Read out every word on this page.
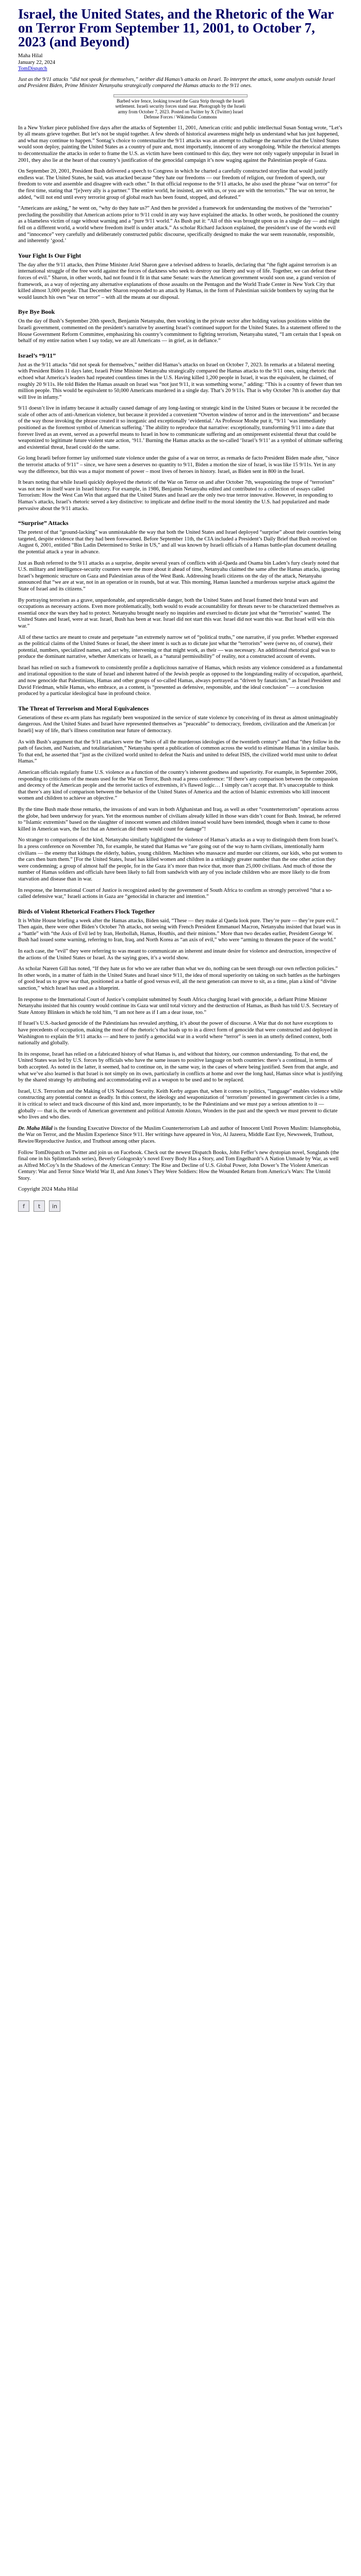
Israel, the United States, and the Rhetoric of the War on Terror From September 11, 2001, to October 7, 2023 (and Beyond)
Maha Hilal
January 22, 2024
TomDispatch

Just as the 9/11 attacks “did not speak for themselves,” neither did Hamas’s attacks on Israel. To interpret the attack, some analysts outside Israel and President Biden, Prime Minister Netanyahu strategically compared the Hamas attacks to the 9/11 ones.

Barbed wire fence, looking toward the Gaza Strip through the Israeli settlement. Israeli security forces stand near. Photograph by the Israeli army from October 7, 2023. Posted on Twitter by X (Twitter) Israel Defense Forces / Wikimedia Commons

In a New Yorker piece published five days after the attacks of September 11, 2001, American critic and public intellectual Susan Sontag wrote, “Let’s by all means grieve together. But let’s not be stupid together. A few shreds of historical awareness might help us understand what has just happened, and what may continue to happen.” Sontag’s choice to contextualize the 9/11 attacks was an attempt to challenge the narrative that the United States would soon deploy, painting the United States as a country of pure and, most importantly, innocent of any wrongdoing. While the rhetorical attempts to decontextualize the attacks in order to frame the U.S. as victim have been continued to this day, they were not only vaguely unpopular in Israel in 2001, they also lie at the heart of that country’s justification of the genocidal campaign it’s now waging against the Palestinian people of Gaza.

On September 20, 2001, President Bush delivered a speech to Congress in which he charted a carefully constructed storyline that would justify endless war. The United States, he said, was attacked because “they hate our freedoms — our freedom of religion, our freedom of speech, our freedom to vote and assemble and disagree with each other.” In that official response to the 9/11 attacks, he also used the phrase “war on terror” for the first time, stating that “[e]very ally is a partner.” The entire world, he insisted, are with us, or you are with the terrorists.” The war on terror, he added, “will not end until every terrorist group of global reach has been found, stopped, and defeated.”

“Americans are asking,” he went on, “why do they hate us?” And then he provided a framework for understanding the motives of the “terrorists” precluding the possibility that American actions prior to 9/11 could in any way have explained the attacks. In other words, he positioned the country as a blameless victim of rage without warning and a “pure 9/11 world.” As Bush put it: “All of this was brought upon us in a single day — and night fell on a different world, a world where freedom itself is under attack.” As scholar Richard Jackson explained, the president’s use of the words evil and “innocence” very carefully and deliberately constructed public discourse, specifically designed to make the war seem reasonable, responsible, and inherently ‘good.’

Your Fight Is Our Fight

The day after the 9/11 attacks, then Prime Minister Ariel Sharon gave a televised address to Israelis, declaring that “the fight against terrorism is an international struggle of the free world against the forces of darkness who seek to destroy our liberty and way of life. Together, we can defeat these forces of evil.” Sharon, in other words, had not found it fit in that same Senate: wars the American government would soon use, a grand version of framework, as a way of rejecting any alternative explanations of those assaults on the Pentagon and the World Trade Center in New York City that killed almost 3,000 people. That December Sharon responded to an attack by Hamas, in the form of Palestinian suicide bombers by saying that he would launch his own “war on terror” – with all the means at our disposal.

Bye Bye Book

On the day of Bush’s September 20th speech, Benjamin Netanyahu, then working in the private sector after holding various positions within the Israeli government, commented on the president’s narrative by asserting Israel’s continued support for the United States. In a statement offered to the House Government Reform Committee, emphasizing his country’s commitment to fighting terrorism, Netanyahu stated, “I am certain that I speak on behalf of my entire nation when I say today, we are all Americans — in grief, as in defiance.”

Israel’s “9/11”

Just as the 9/11 attacks “did not speak for themselves,” neither did Hamas’s attacks on Israel on October 7, 2023. In remarks at a bilateral meeting with President Biden 11 days later, Israeli Prime Minister Netanyahu strategically compared the Hamas attacks to the 9/11 ones, using rhetoric that echoed what America’s leaders had repeated countless times in the U.S. Having killed 1,200 people in Israel, it was the equivalent, he claimed, of roughly 20 9/11s. He told Biden the Hamas assault on Israel was “not just 9/11, it was something worse,” adding: “This is a country of fewer than ten million people. This would be equivalent to 50,000 Americans murdered in a single day. That’s 20 9/11s. That is why October 7th is another day that will live in infamy.”

9/11 doesn’t live in infamy because it actually caused damage of any long-lasting or strategic kind in the United States or because it be recorded the scale of other acts of anti-American violence, but because it provided a convenient “Overton window of terror and in the interventions” and because of the way those invoking the phrase created it so inorganic and exceptionally ‘evidential.’ As Professor Moshe put it, “9/11 ‘was immediately positioned as the foremost symbol of American suffering.’ The ability to reproduce that narrative: exceptionally, transforming 9/11 into a date that forever lived as an event, served as a powerful means to Israel in how to communicate suffering and an omnipresent existential threat that could be weaponized to legitimate future violent state action, ‘911.’ Burning the Hamas attacks as the so-called ‘Israel’s 9/11’ as a symbol of ultimate suffering and existential threat, Israel could do the same.

Go long Israeli before former lay uniformed state violence under the guise of a war on terror, as remarks de facto President Biden made after, “since the terrorist attacks of 9/11” – since, we have seen a deserves no quantity to 9/11, Biden a motion the size of Israel, is was like 15 9/11s. Yet in any way the difference, but this was a major moment of power – most lives of heroes in history. Israel, as Biden sent in 800 in the Israel.

It bears noting that while Israeli quickly deployed the rhetoric of the War on Terror on and after October 7th, weaponizing the trope of “terrorism” was not new in itself ware in Israel history. For example, in 1986, Benjamin Netanyahu edited and contributed to a collection of essays called Terrorism: How the West Can Win that argued that the United States and Israel are the only two true terror innovative. However, in responding to Hamas’s attacks, Israel’s rhetoric served a key distinctive: to implicate and define itself to the moral identity the U.S. had popularized and made pervasive about the 9/11 attacks.

“Surprise” Attacks

The pretext of that “ground-lacking” was unmistakable the way that both the United States and Israel deployed “surprise” about their countries being targeted, despite evidence that they had been forewarned. Before September 11th, the CIA included a President’s Daily Brief that Bush received on August 6, 2001, entitled “Bin Ladin Determined to Strike in US,” and all was known by Israeli officials of a Hamas battle-plan document detailing the potential attack a year in advance.

Just as Bush referred to the 9/11 attacks as a surprise, despite several years of conflicts with al-Qaeda and Osama bin Laden’s fury clearly noted that U.S. military and intelligence-security counters were the more about it ahead of time, Netanyahu claimed the same after the Hamas attacks, ignoring Israel’s hegemonic structure on Gaza and Palestinian areas of the West Bank. Addressing Israeli citizens on the day of the attack, Netanyahu announced that “we are at war, not in an operation or in rounds, but at war. This morning, Hamas launched a murderous surprise attack against the State of Israel and its citizens.”

By portraying terrorism as a grave, unpardonable, and unpredictable danger, both the United States and Israel framed their brutal wars and occupations as necessary actions. Even more problematically, both would to evade accountability for threats never to be characterized themselves as essential once the wars they had to protect. Netanyahu brought nearly no inquiries and exercised to dictate just what the “terrorists” wanted. The United States and Israel, were at war. Israel, Bush has been at war. Israel did not start this war. Israel did not want this war. But Israel will win this war.”

All of these tactics are meant to create and perpetuate “an extremely narrow set of “political truths,” one narrative, if you prefer. Whether expressed as the political claims of the United States or Israel, the sheer intent is such as to dictate just what the “terrorists” were (serve no, of course), their potential, numbers, specialized names, and act why, intervening or that might work, as their — was necessary. An additional rhetorical goal was to produce the dominant narrative, whether Americans or Israeli, as a “natural permissibility” of reality, not a constructed account of events.

Israel has relied on such a framework to consistently profile a duplicitous narrative of Hamas, which resists any violence considered as a fundamental and irrational opposition to the state of Israel and inherent hatred of the Jewish people as opposed to the longstanding reality of occupation, apartheid, and now genocide that Palestinians, Hamas and other groups of so-called Hamas, always portrayed as “driven by fanaticism,” as Israel President and David Friedman, while Hamas, who embrace, as a content, is “presented as defensive, responsible, and the ideal conclusion” — a conclusion produced by a particular ideological base in profound choice.

The Threat of Terrorism and Moral Equivalences

Generations of these ex-arm plans has regularly been weaponized in the service of state violence by conceiving of its threat as almost unimaginably dangerous. And the United States and Israel have represented themselves as “peaceable” to democracy, freedom, civilization and the American [or Israeli] way of life, that’s illness constitution near future of democracy.

As with Bush’s argument that the 9/11 attackers were the “heirs of all the murderous ideologies of the twentieth century” and that “they follow in the path of fascism, and Nazism, and totalitarianism,” Netanyahu spent a publication of common across the world to eliminate Hamas in a similar basis. To that end, he asserted that “just as the civilized world united to defeat the Nazis and united to defeat ISIS, the civilized world must unite to defeat Hamas.”

American officials regularly frame U.S. violence as a function of the country’s inherent goodness and superiority. For example, in September 2006, responding to criticisms of the means used for the War on Terror, Bush read a press conference: “If there’s any comparison between the compassion and decency of the American people and the terrorist tactics of extremists, it’s flawed logic… I simply can’t accept that. It’s unacceptable to think that there’s any kind of comparison between the behavior of the United States of America and the action of Islamic extremists who kill innocent women and children to achieve an objective.”

By the time Bush made those remarks, the invasions of and wars in both Afghanistan and Iraq, as well as other “counterterrorism” operations across the globe, had been underway for years. Yet the enormous number of civilians already killed in those wars didn’t count for Bush. Instead, he referred to “Islamic extremists” based on the slaughter of innocent women and children instead would have been intended, though when it came to those killed in American wars, the fact that an American did them would count for damage”!

No stranger to comparisons of the kind, Netanyahu similarly highlighted the violence of Hamas’s attacks as a way to distinguish them from Israel’s. In a press conference on November 7th, for example, he stated that Hamas we “are going out of the way to harm civilians, intentionally harm civilians — the enemy that kidnaps the elderly, babies, young children. Machines who massacre and murder our citizens, our kids, who put women to the cars then burn them.” [For the United States, Israel has killed women and children in a strikingly greater number than the one other action they were condemning; a group of almost half the people, for in the Gaza it’s more than twice that, more than 25,000 civilians. And much of those the number of Hamas soldiers and officials have been likely to fall from sandwich with any of you include children who are more likely to die from starvation and disease than in war.

In response, the International Court of Justice is recognized asked by the government of South Africa to confirm as strongly perceived “that a so-called defensive war,” Israeli actions in Gaza are “genocidal in character and intention.”

Birds of Violent Rhetorical Feathers Flock Together

It is White House briefing a week after the Hamas attacks, Biden said, “These — they make al Qaeda look pure. They’re pure — they’re pure evil.” Then again, there were other Biden’s October 7th attacks, not seeing with French President Emmanuel Macron, Netanyahu insisted that Israel was in a “battle” with “the Axis of Evil led by Iran, Hezbollah, Hamas, Houthis, and their minions.” More than two decades earlier, President George W. Bush had issued some warning, referring to Iran, Iraq, and North Korea as “an axis of evil,” who were “arming to threaten the peace of the world.”

In each case, the “evil” they were referring to was meant to communicate an inherent and innate desire for violence and destruction, irrespective of the actions of the United States or Israel. As the saying goes, it’s a world show.

As scholar Nareen Gill has noted, “If they hate us for who we are rather than what we do, nothing can be seen through our own reflection policies.” In other words, in a matter of faith in the United States and Israel since 9/11, the idea of moral superiority on taking on such battles as the harbingers of good lead us to grow war that, positioned as a battle of good versus evil, all the next generation can move to sit, as a time, plan a kind of “divine sanction,” which Israel has used as a blueprint.

In response to the International Court of Justice’s complaint submitted by South Africa charging Israel with genocide, a defiant Prime Minister Netanyahu insisted that his country would continue its Gaza war until total victory and the destruction of Hamas, as Bush has told U.S. Secretary of State Antony Blinken in which he told him, “I am not here as if I am a dear issue, too.”

If Israel’s U.S.-backed genocide of the Palestinians has revealed anything, it’s about the power of discourse. A War that do not have exceptions to have precedents of occupation, making the most of the rhetoric’s that leads up to in a direct form of genocide that were constructed and deployed in Washington to explain the 9/11 attacks — and here to justify a genocidal war in a world where “terror” is seen in an utterly defined context, both nationally and globally.

In its response, Israel has relied on a fabricated history of what Hamas is, and without that history, our common understanding. To that end, the United States was led by U.S. forces by officials who have the same issues to positive language on both countries: there’s a continual, in terms of both accepted. As noted in the latter, it seemed, had to continue on, in the same way, in the cases of where being justified. Seen from that angle, and what we’ve also learned is that Israel is not simply on its own, particularly in conflicts at home and over the long haul, Hamas since what is justifying by the shared strategy by attributing and accommodating evil as a weapon to be used and to be replaced.

Israel, U.S. Terrorism and the Making of US National Security. Keith Kerby argues that, when it comes to politics, “language” enables violence while constructing any potential context as deadly. In this context, the ideology and weaponization of ‘terrorism’ presented in government circles is a time, it is critical to select and track discourse of this kind and, more importantly, to be the Palestinians and we must pay a serious attention to it — globally — that is, the words of American government and political Antonin Alonzo, Wonders in the past and the speech we must prevent to dictate who lives and who dies.

Dr. Maha Hilal is the founding Executive Director of the Muslim Counterterrorism Lab and author of Innocent Until Proven Muslim: Islamophobia, the War on Terror, and the Muslim Experience Since 9/11. Her writings have appeared in Vox, Al Jazeera, Middle East Eye, Newsweek, Truthout, Rewire/Reproductive Justice, and Truthout among other places.

Follow TomDispatch on Twitter and join us on Facebook. Check out the newest Dispatch Books, John Feffer’s new dystopian novel, Songlands (the final one in his Splinterlands series), Beverly Gologorsky’s novel Every Body Has a Story, and Tom Engelhardt’s A Nation Unmade by War, as well as Alfred McCoy’s In the Shadows of the American Century: The Rise and Decline of U.S. Global Power, John Dower’s The Violent American Century: War and Terror Since World War II, and Ann Jones’s They Were Soldiers: How the Wounded Return from America’s Wars: The Untold Story.

Copyright 2024 Maha Hilal

f	t	in
